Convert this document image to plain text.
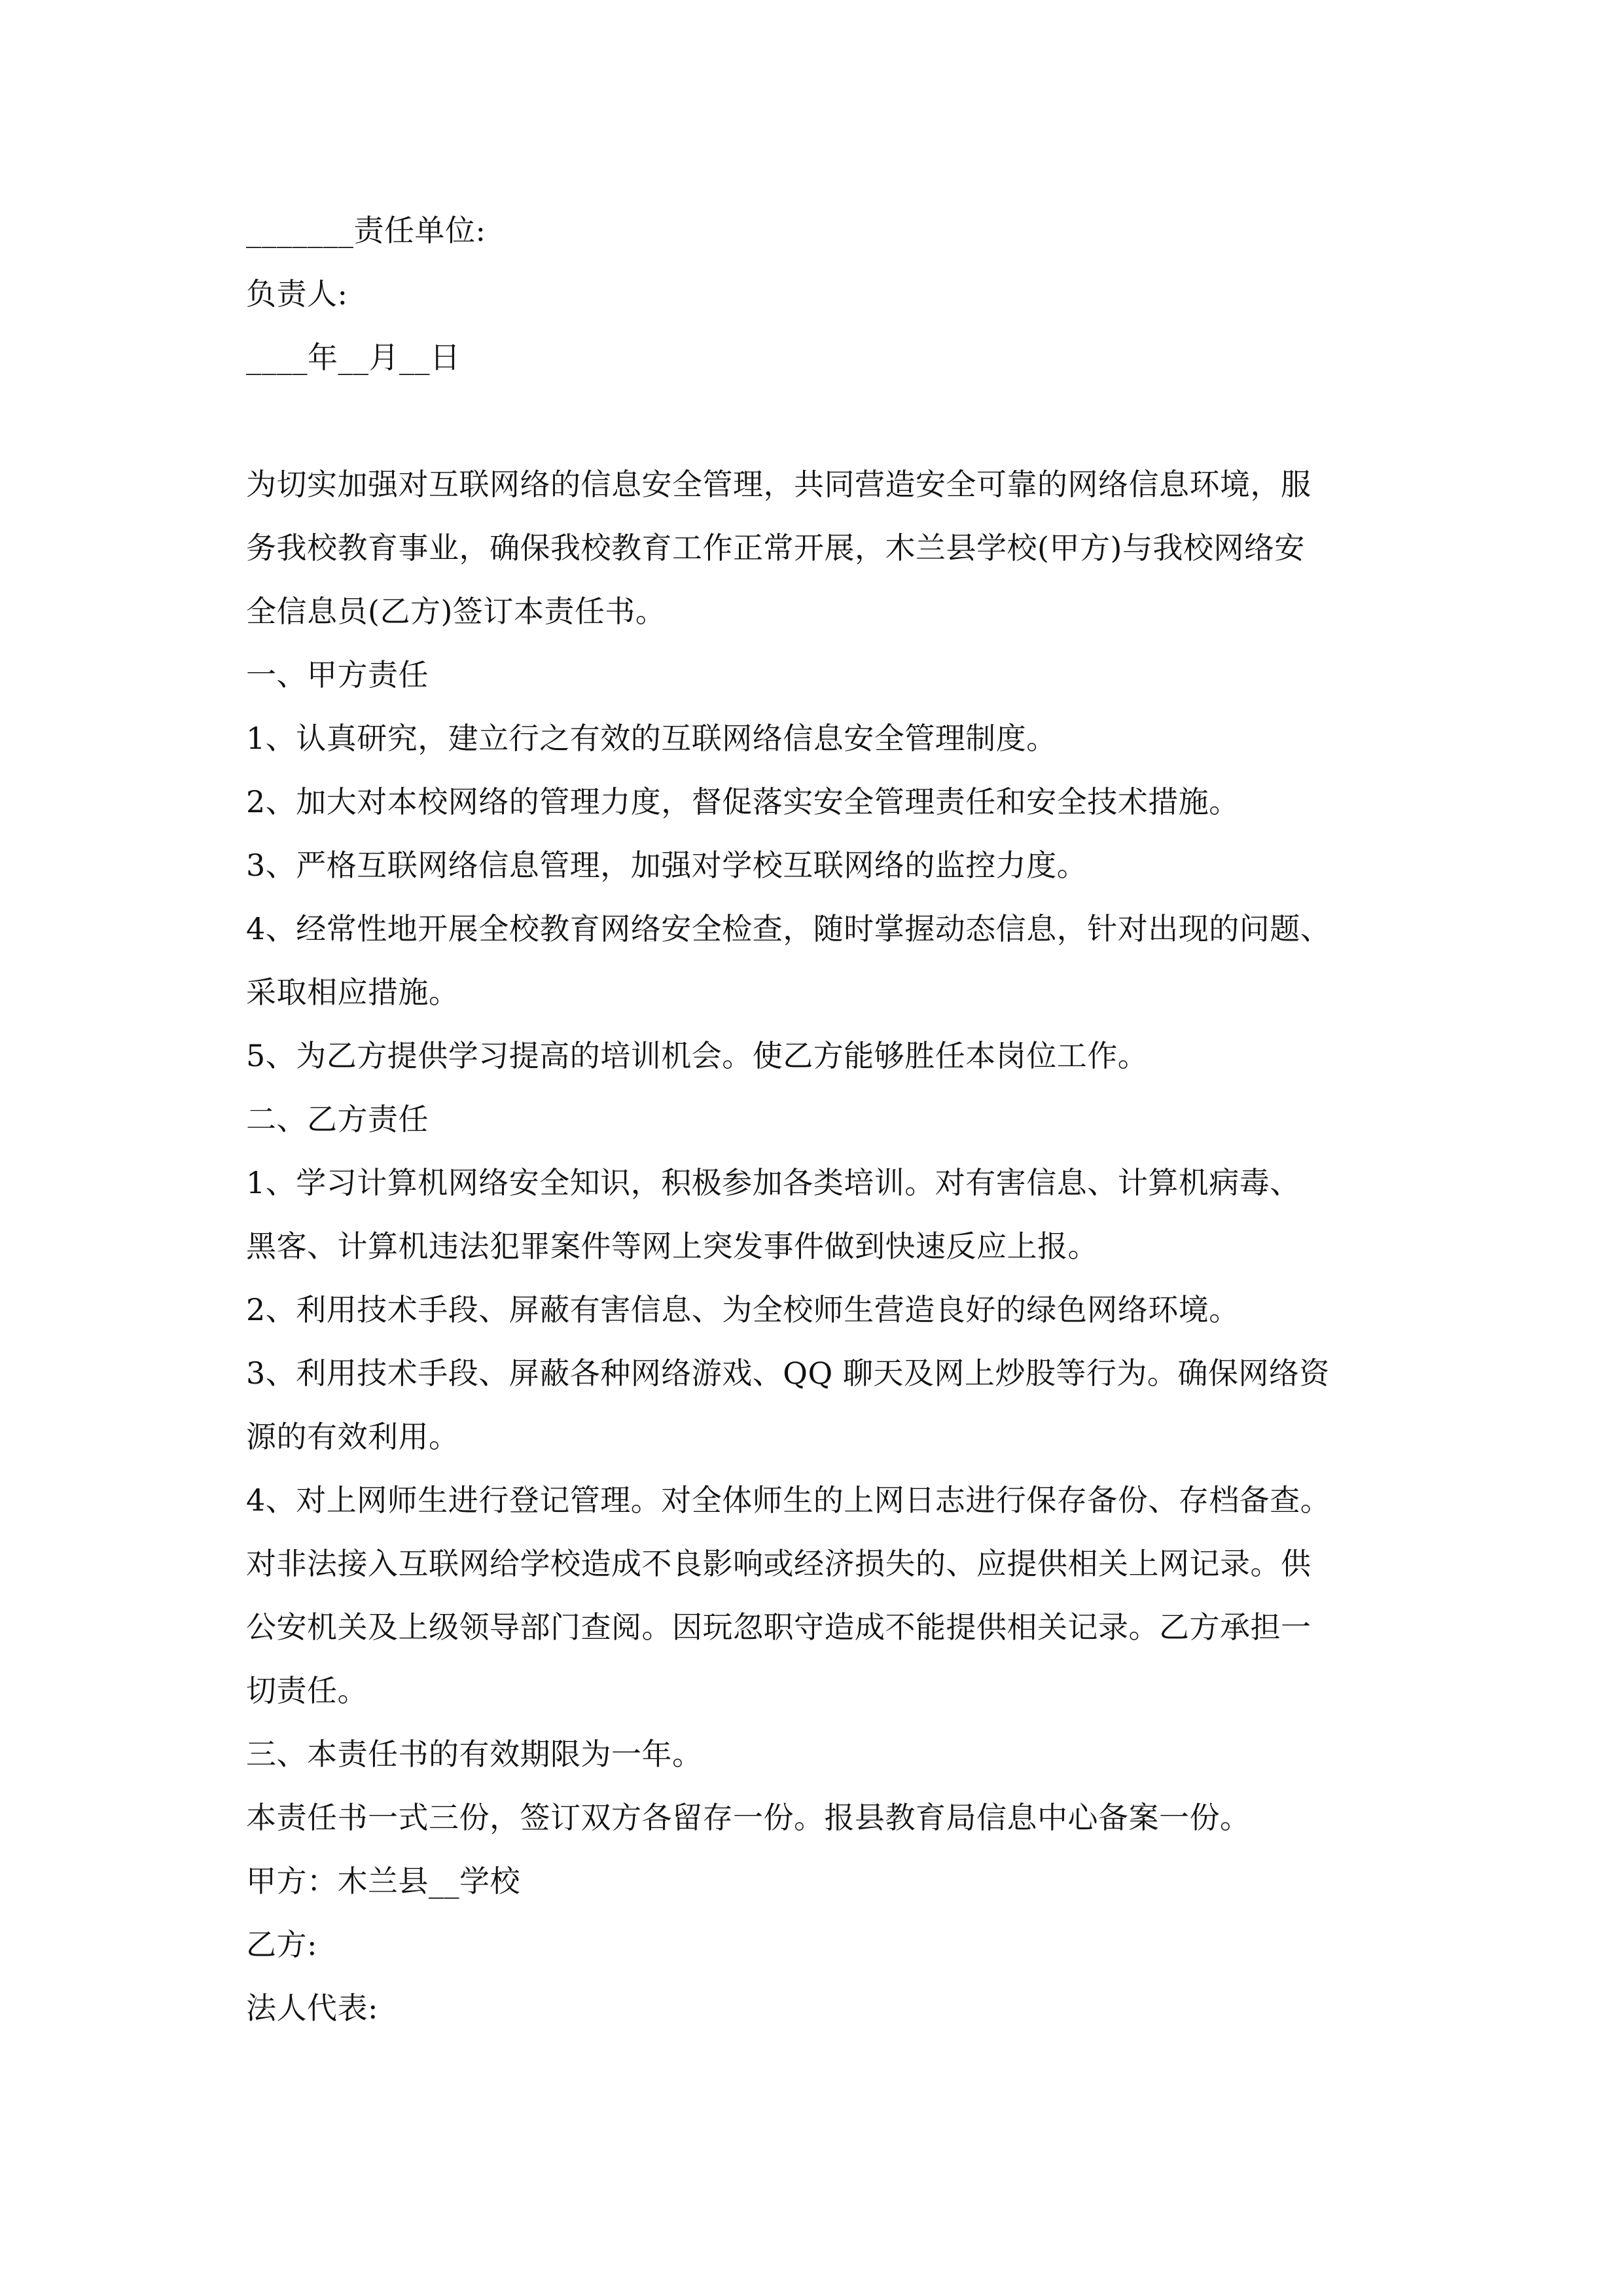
_______责任单位:

负责人:

____年__月__日

为切实加强对互联网络的信息安全管理，共同营造安全可靠的网络信息环境，服
务我校教育事业，确保我校教育工作正常开展，木兰县学校(甲方)与我校网络安
全信息员(乙方)签订本责任书。

一、甲方责任

1、认真研究，建立行之有效的互联网络信息安全管理制度。

2、加大对本校网络的管理力度，督促落实安全管理责任和安全技术措施。

3、严格互联网络信息管理，加强对学校互联网络的监控力度。

4、经常性地开展全校教育网络安全检查，随时掌握动态信息，针对出现的问题、
采取相应措施。

5、为乙方提供学习提高的培训机会。使乙方能够胜任本岗位工作。

二、乙方责任

1、学习计算机网络安全知识，积极参加各类培训。对有害信息、计算机病毒、
黑客、计算机违法犯罪案件等网上突发事件做到快速反应上报。

2、利用技术手段、屏蔽有害信息、为全校师生营造良好的绿色网络环境。

3、利用技术手段、屏蔽各种网络游戏、QQ 聊天及网上炒股等行为。确保网络资
源的有效利用。
4、对上网师生进行登记管理。对全体师生的上网日志进行保存备份、存档备查。
对非法接入互联网给学校造成不良影响或经济损失的、应提供相关上网记录。供
公安机关及上级领导部门查阅。因玩忽职守造成不能提供相关记录。乙方承担一
切责任。

三、本责任书的有效期限为一年。

本责任书一式三份，签订双方各留存一份。报县教育局信息中心备案一份。

甲方：木兰县__学校

乙方:

法人代表:
